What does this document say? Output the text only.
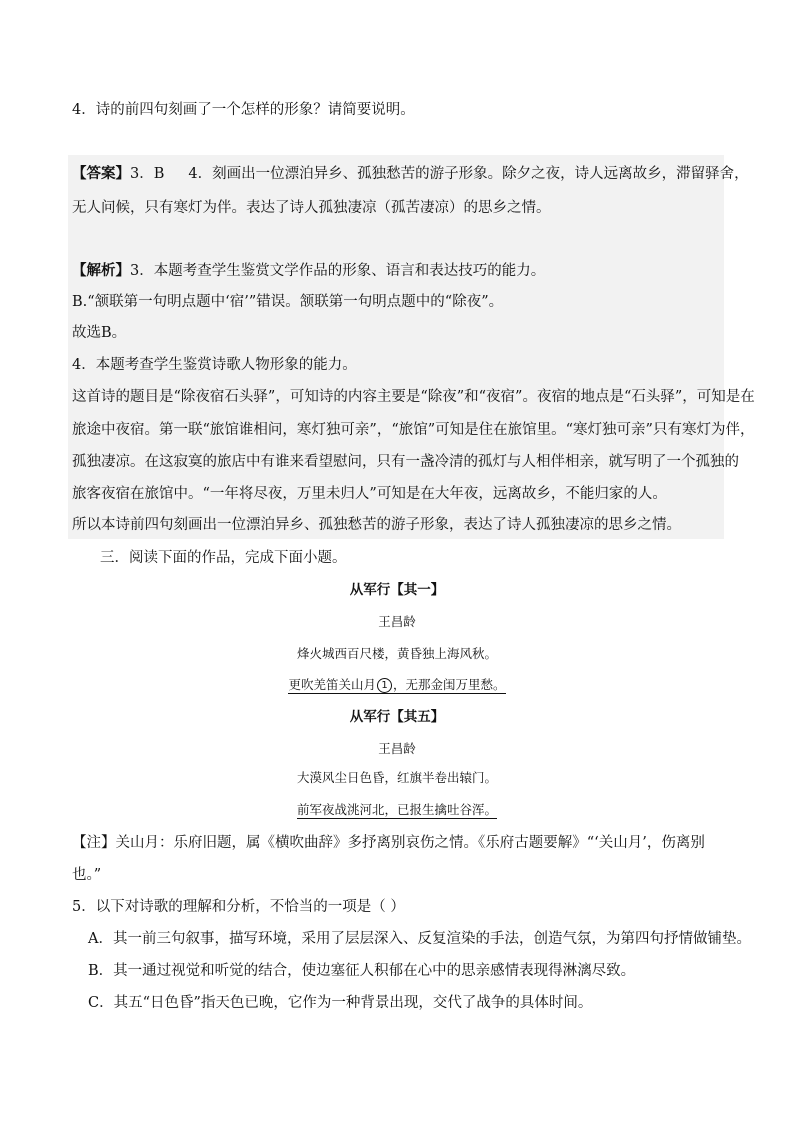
4．诗的前四句刻画了一个怎样的形象？请简要说明。
【答案】3．B 4．刻画出一位漂泊异乡、孤独愁苦的游子形象。除夕之夜，诗人远离故乡，滞留驿舍，
无人问候，只有寒灯为伴。表达了诗人孤独凄凉（孤苦凄凉）的思乡之情。
【解析】3．本题考查学生鉴赏文学作品的形象、语言和表达技巧的能力。
B.“颔联第一句明点题中‘宿’”错误。颔联第一句明点题中的“除夜”。
故选B。
4．本题考查学生鉴赏诗歌人物形象的能力。
这首诗的题目是“除夜宿石头驿”，可知诗的内容主要是“除夜”和“夜宿”。夜宿的地点是“石头驿”，可知是在
旅途中夜宿。第一联“旅馆谁相问，寒灯独可亲”，“旅馆”可知是住在旅馆里。“寒灯独可亲”只有寒灯为伴，
孤独凄凉。在这寂寞的旅店中有谁来看望慰问，只有一盏冷清的孤灯与人相伴相亲，就写明了一个孤独的
旅客夜宿在旅馆中。“一年将尽夜，万里未归人”可知是在大年夜，远离故乡，不能归家的人。
所以本诗前四句刻画出一位漂泊异乡、孤独愁苦的游子形象，表达了诗人孤独凄凉的思乡之情。
三．阅读下面的作品，完成下面小题。
从军行【其一】
王昌龄
烽火城西百尺楼，黄昏独上海风秋。
更吹羌笛关山月 1 ，无那金闺万里愁。
从军行【其五】
王昌龄
大漠风尘日色昏，红旗半卷出辕门。
前军夜战洮河北，已报生擒吐谷浑。
【注】关山月：乐府旧题，属《横吹曲辞》多抒离别哀伤之情。《乐府古题要解》“‘关山月’，伤离别
也。”
5．以下对诗歌的理解和分析，不恰当的一项是（ ）
A．其一前三句叙事，描写环境，采用了层层深入、反复渲染的手法，创造气氛，为第四句抒情做铺垫。
B．其一通过视觉和听觉的结合，使边塞征人积郁在心中的思亲感情表现得淋漓尽致。
C．其五“日色昏”指天色已晚，它作为一种背景出现，交代了战争的具体时间。
